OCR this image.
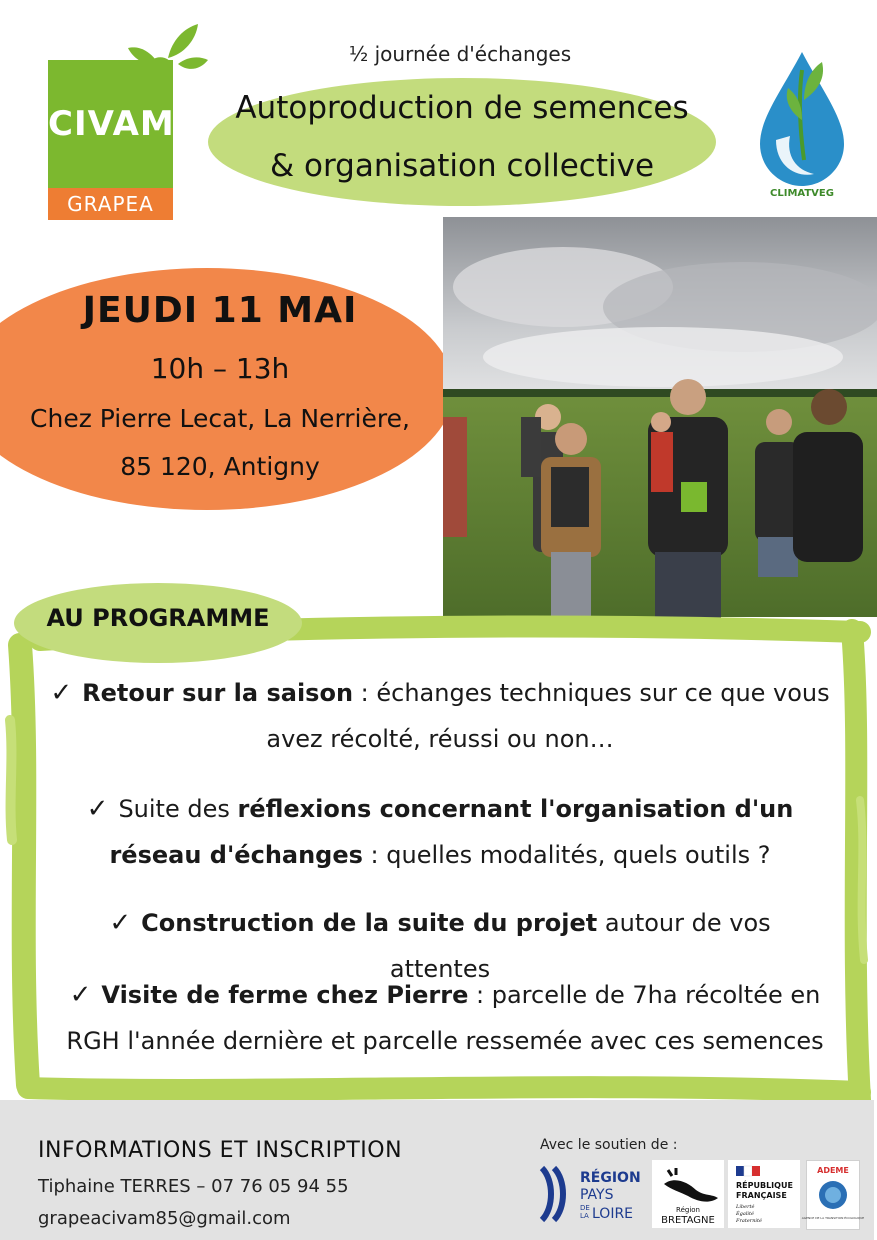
CIVAM
GRAPEA	CLIMATVEG
½ journée d'échanges
Autoproduction de semences
& organisation collective
JEUDI 11 MAI
10h – 13h
Chez Pierre Lecat, La Nerrière,
85 120, Antigny
AU PROGRAMME
✓ Retour sur la saison : échanges techniques sur ce que vous avez récolté, réussi ou non…
✓ Suite des réflexions concernant l'organisation d'un réseau d'échanges : quelles modalités, quels outils ?
✓ Construction de la suite du projet autour de vos attentes
✓ Visite de ferme chez Pierre : parcelle de 7ha récoltée en RGH l'année dernière et parcelle ressemée avec ces semences
INFORMATIONS ET INSCRIPTION
Tiphaine TERRES – 07 76 05 94 55
grapeacivam85@gmail.com
Avec le soutien de :
RÉGION
PAYS
DE
LA LOIRE	Région
BRETAGNE
RÉPUBLIQUE
FRANÇAISE
Liberté
Égalité
Fraternité
ADEME
AGENCE DE LA TRANSITION ÉCOLOGIQUE
